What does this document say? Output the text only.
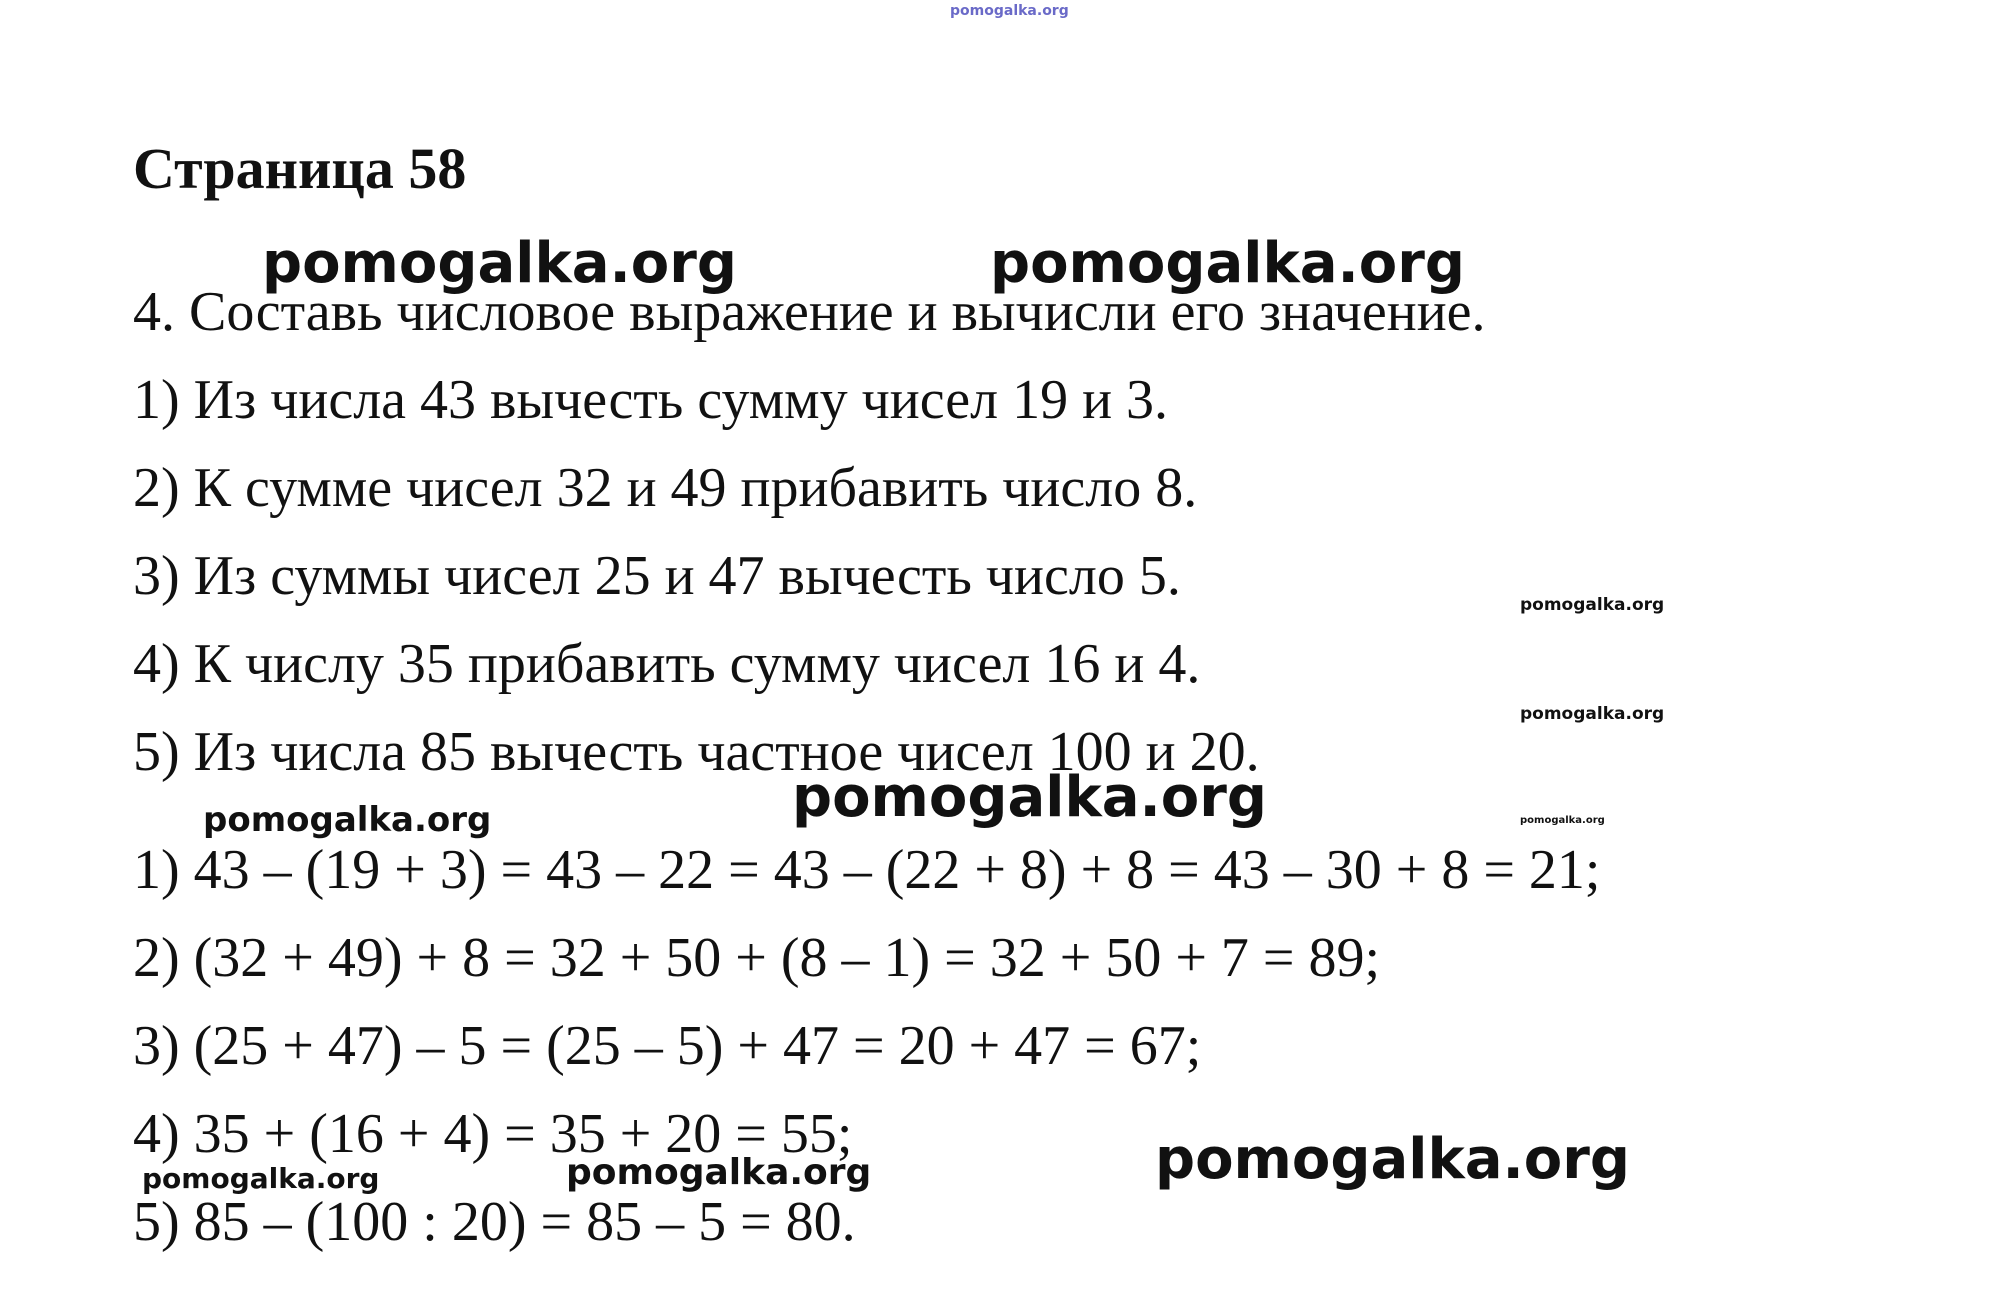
pomogalka.org
Страница 58
4. Составь числовое выражение и вычисли его значение.
1) Из числа 43 вычесть сумму чисел 19 и 3.
2) К сумме чисел 32 и 49 прибавить число 8.
3) Из суммы чисел 25 и 47 вычесть число 5.
4) К числу 35 прибавить сумму чисел 16 и 4.
5) Из числа 85 вычесть частное чисел 100 и 20.
1) 43 – (19 + 3) = 43 – 22 = 43 – (22 + 8) + 8 = 43 – 30 + 8 = 21;
2) (32 + 49) + 8 = 32 + 50 + (8 – 1) = 32 + 50 + 7 = 89;
3) (25 + 47) – 5 = (25 – 5) + 47 = 20 + 47 = 67;
4) 35 + (16 + 4) = 35 + 20 = 55;
5) 85 – (100 : 20) = 85 – 5 = 80.
pomogalka.org	pomogalka.org
pomogalka.org
pomogalka.org
pomogalka.org
pomogalka.org	pomogalka.org
pomogalka.org
pomogalka.org	pomogalka.org
